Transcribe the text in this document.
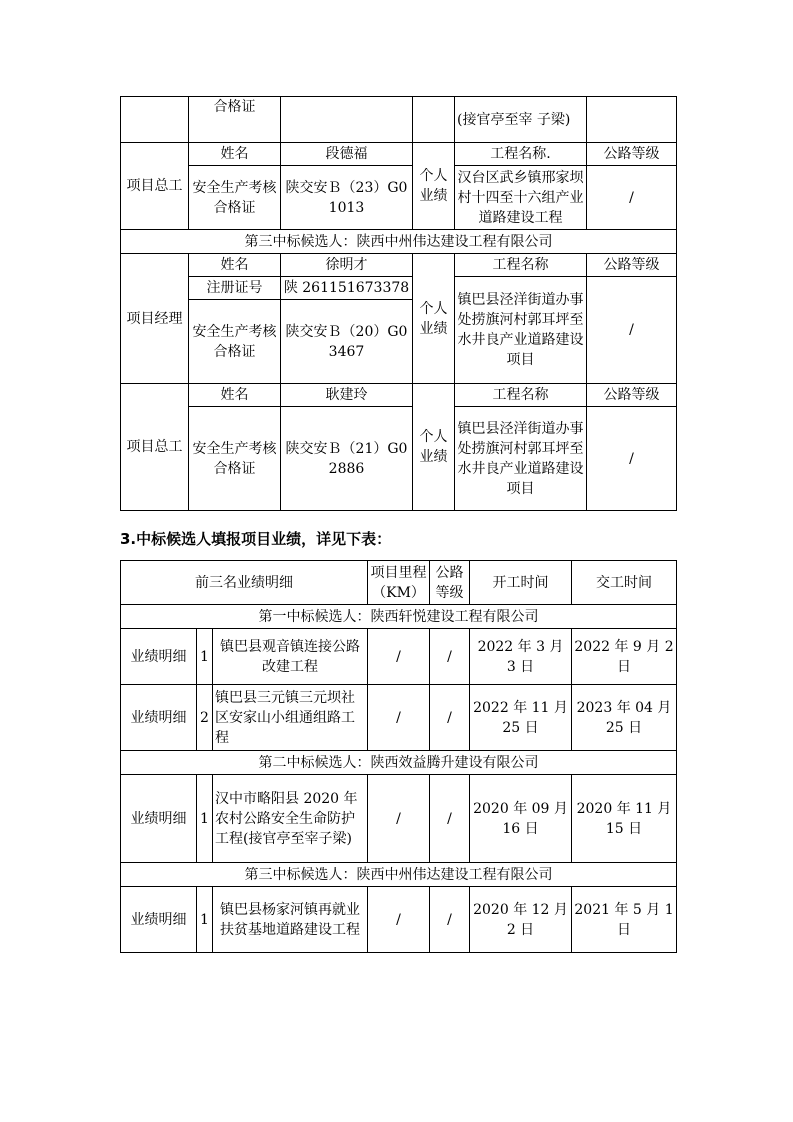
	合格证			(接官亭至宰 子梁)	
项目总工	姓名	段德福	个人业绩	工程名称.	公路等级
	安全生产考核合格证	陕交安Ｂ（23）G01013		汉台区武乡镇邢家坝村十四至十六组产业道路建设工程	/
第三中标候选人：陕西中州伟达建设工程有限公司					
项目经理	姓名	徐明才	个人业绩	工程名称	公路等级
	注册证号	陕 261151673378		镇巴县泾洋街道办事处捞旗河村郭耳坪至水井良产业道路建设项目	/
	安全生产考核合格证	陕交安Ｂ（20）G03467			
项目总工	姓名	耿建玲	个人业绩	工程名称	公路等级
	安全生产考核合格证	陕交安Ｂ（21）G02886		镇巴县泾洋街道办事处捞旗河村郭耳坪至水井良产业道路建设项目	/
3.中标候选人填报项目业绩，详见下表：
前三名业绩明细			项目里程（KM）	公路等级	开工时间	交工时间
第一中标候选人：陕西轩悦建设工程有限公司						
业绩明细	1	镇巴县观音镇连接公路改建工程	/	/	2022 年 3 月 3 日	2022 年 9 月 2 日
业绩明细	2	镇巴县三元镇三元坝社区安家山小组通组路工程	/	/	2022 年 11 月 25 日	2023 年 04 月 25 日
第二中标候选人：陕西效益腾升建设有限公司						
业绩明细	1	汉中市略阳县 2020 年农村公路安全生命防护工程(接官亭至宰子梁)	/	/	2020 年 09 月 16 日	2020 年 11 月 15 日
第三中标候选人：陕西中州伟达建设工程有限公司						
业绩明细	1	镇巴县杨家河镇再就业扶贫基地道路建设工程	/	/	2020 年 12 月 2 日	2021 年 5 月 1 日
